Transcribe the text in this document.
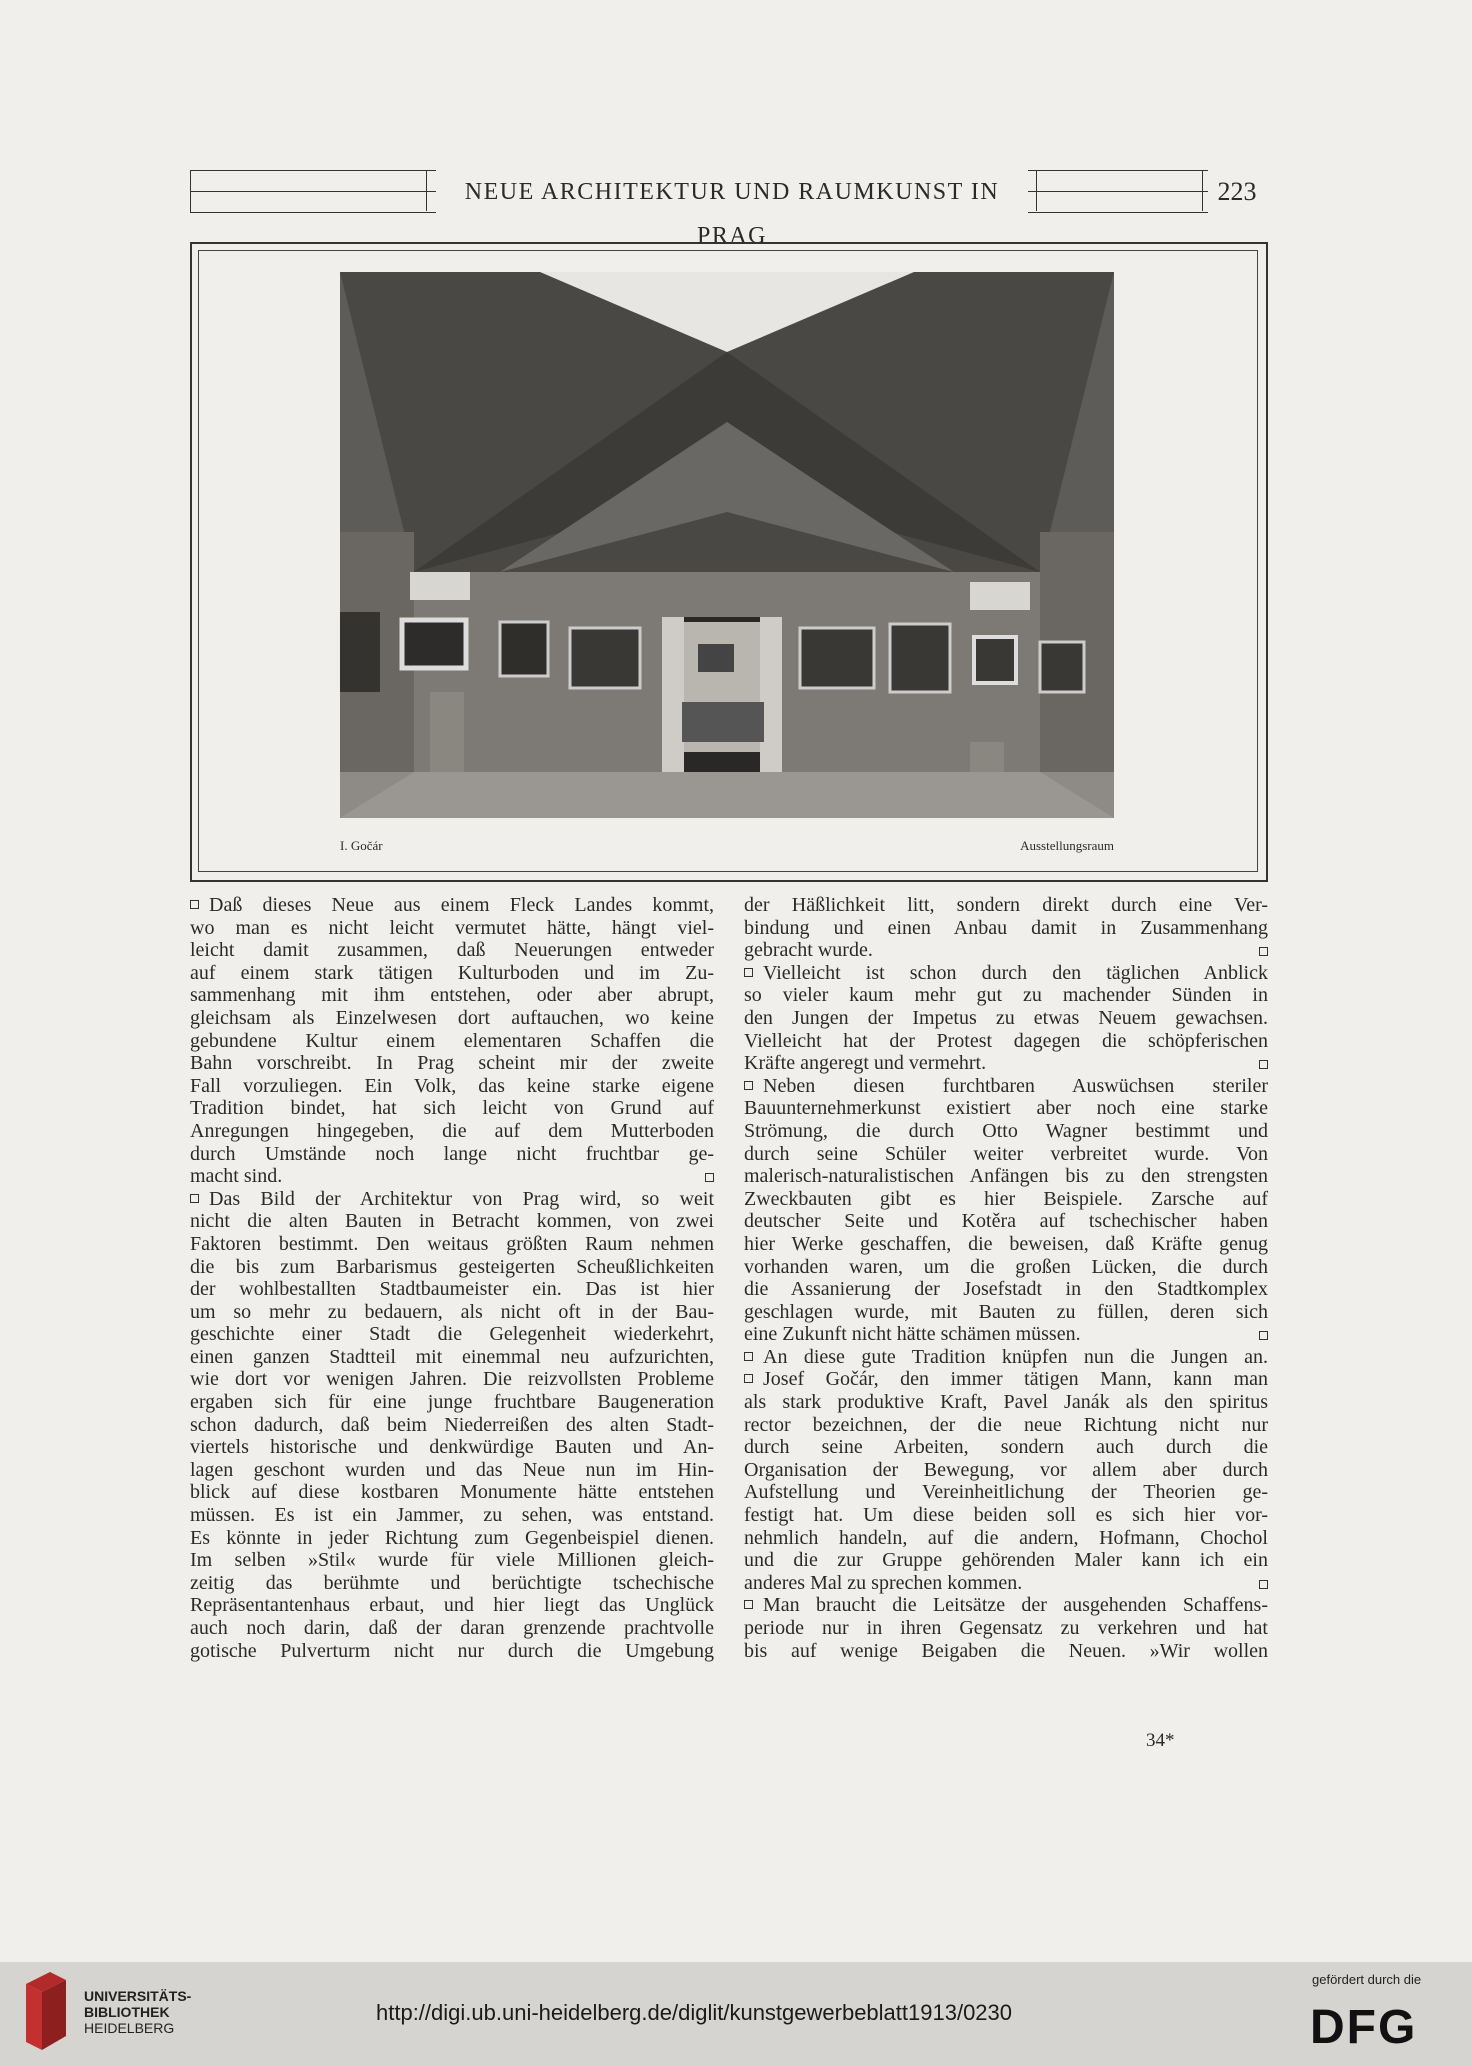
NEUE ARCHITEKTUR UND RAUMKUNST IN PRAG
223
I. Gočár	Ausstellungsraum
Daß dieses Neue aus einem Fleck Landes kommt,
wo man es nicht leicht vermutet hätte, hängt viel-
leicht damit zusammen, daß Neuerungen entweder
auf einem stark tätigen Kulturboden und im Zu-
sammenhang mit ihm entstehen, oder aber abrupt,
gleichsam als Einzelwesen dort auftauchen, wo keine
gebundene Kultur einem elementaren Schaffen die
Bahn vorschreibt. In Prag scheint mir der zweite
Fall vorzuliegen. Ein Volk, das keine starke eigene
Tradition bindet, hat sich leicht von Grund auf
Anregungen hingegeben, die auf dem Mutterboden
durch Umstände noch lange nicht fruchtbar ge-
macht sind.
Das Bild der Architektur von Prag wird, so weit
nicht die alten Bauten in Betracht kommen, von zwei
Faktoren bestimmt. Den weitaus größten Raum nehmen
die bis zum Barbarismus gesteigerten Scheußlichkeiten
der wohlbestallten Stadtbaumeister ein. Das ist hier
um so mehr zu bedauern, als nicht oft in der Bau-
geschichte einer Stadt die Gelegenheit wiederkehrt,
einen ganzen Stadtteil mit einemmal neu aufzurichten,
wie dort vor wenigen Jahren. Die reizvollsten Probleme
ergaben sich für eine junge fruchtbare Baugeneration
schon dadurch, daß beim Niederreißen des alten Stadt-
viertels historische und denkwürdige Bauten und An-
lagen geschont wurden und das Neue nun im Hin-
blick auf diese kostbaren Monumente hätte entstehen
müssen. Es ist ein Jammer, zu sehen, was entstand.
Es könnte in jeder Richtung zum Gegenbeispiel dienen.
Im selben »Stil« wurde für viele Millionen gleich-
zeitig das berühmte und berüchtigte tschechische
Repräsentantenhaus erbaut, und hier liegt das Unglück
auch noch darin, daß der daran grenzende prachtvolle
gotische Pulverturm nicht nur durch die Umgebung
der Häßlichkeit litt, sondern direkt durch eine Ver-
bindung und einen Anbau damit in Zusammenhang
gebracht wurde.
Vielleicht ist schon durch den täglichen Anblick
so vieler kaum mehr gut zu machender Sünden in
den Jungen der Impetus zu etwas Neuem gewachsen.
Vielleicht hat der Protest dagegen die schöpferischen
Kräfte angeregt und vermehrt.
Neben diesen furchtbaren Auswüchsen steriler
Bauunternehmerkunst existiert aber noch eine starke
Strömung, die durch Otto Wagner bestimmt und
durch seine Schüler weiter verbreitet wurde. Von
malerisch-naturalistischen Anfängen bis zu den strengsten
Zweckbauten gibt es hier Beispiele. Zarsche auf
deutscher Seite und Kotěra auf tschechischer haben
hier Werke geschaffen, die beweisen, daß Kräfte genug
vorhanden waren, um die großen Lücken, die durch
die Assanierung der Josefstadt in den Stadtkomplex
geschlagen wurde, mit Bauten zu füllen, deren sich
eine Zukunft nicht hätte schämen müssen.
An diese gute Tradition knüpfen nun die Jungen an.
Josef Gočár, den immer tätigen Mann, kann man
als stark produktive Kraft, Pavel Janák als den spiritus
rector bezeichnen, der die neue Richtung nicht nur
durch seine Arbeiten, sondern auch durch die
Organisation der Bewegung, vor allem aber durch
Aufstellung und Vereinheitlichung der Theorien ge-
festigt hat. Um diese beiden soll es sich hier vor-
nehmlich handeln, auf die andern, Hofmann, Chochol
und die zur Gruppe gehörenden Maler kann ich ein
anderes Mal zu sprechen kommen.
Man braucht die Leitsätze der ausgehenden Schaffens-
periode nur in ihren Gegensatz zu verkehren und hat
bis auf wenige Beigaben die Neuen. »Wir wollen
34*
UNIVERSITÄTS-
BIBLIOTHEK
HEIDELBERG
http://digi.ub.uni-heidelberg.de/diglit/kunstgewerbeblatt1913/0230
gefördert durch die
DFG
